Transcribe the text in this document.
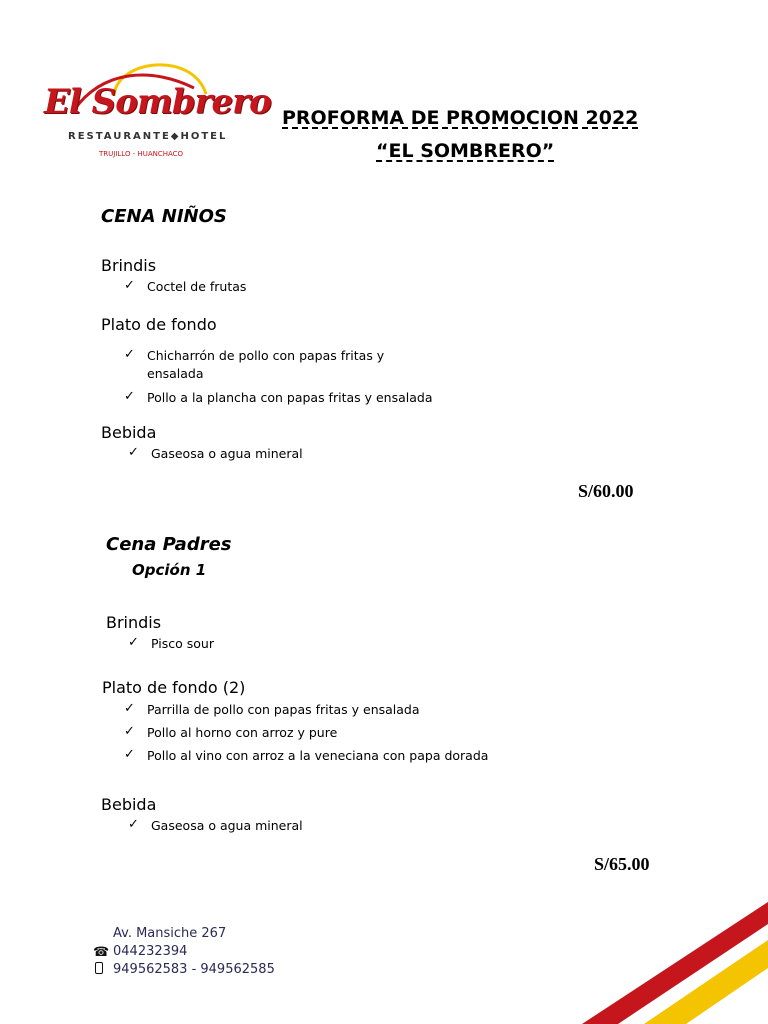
El Sombrero
RESTAURANTE◆HOTEL
TRUJILLO - HUANCHACO
PROFORMA DE PROMOCION 2022
“EL SOMBRERO”
CENA NIÑOS
Brindis
✓ Coctel de frutas
Plato de fondo
✓ Chicharrón de pollo con papas fritas y ensalada
✓ Pollo a la plancha con papas fritas y ensalada
Bebida
✓ Gaseosa o agua mineral
S/60.00
Cena Padres
Opción 1
Brindis
✓ Pisco sour
Plato de fondo (2)
✓ Parrilla de pollo con papas fritas y ensalada
✓ Pollo al horno con arroz y pure
✓ Pollo al vino con arroz a la veneciana con papa dorada
Bebida
✓ Gaseosa o agua mineral
S/65.00
Av. Mansiche 267
☎ 044232394
949562583 - 949562585
